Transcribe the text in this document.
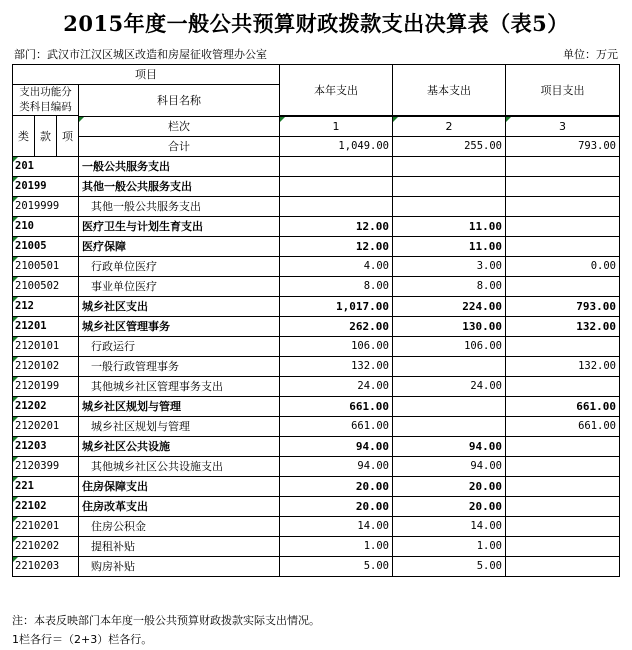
2015年度一般公共预算财政拨款支出决算表（表5）
部门：武汉市江汉区城区改造和房屋征收管理办公室	单位：万元
项目				本年支出	基本支出	项目支出
支出功能分类科目编码			科目名称			

类	款	项				
			栏次	1	2	3
			合计	1,049.00	255.00	793.00
201			一般公共服务支出			
20199			其他一般公共服务支出			
2019999			其他一般公共服务支出			
210			医疗卫生与计划生育支出	12.00	11.00	
21005			医疗保障	12.00	11.00	
2100501			行政单位医疗	4.00	3.00	0.00
2100502			事业单位医疗	8.00	8.00	
212			城乡社区支出	1,017.00	224.00	793.00
21201			城乡社区管理事务	262.00	130.00	132.00
2120101			行政运行	106.00	106.00	
2120102			一般行政管理事务	132.00		132.00
2120199			其他城乡社区管理事务支出	24.00	24.00	
21202			城乡社区规划与管理	661.00		661.00
2120201			城乡社区规划与管理	661.00		661.00
21203			城乡社区公共设施	94.00	94.00	
2120399			其他城乡社区公共设施支出	94.00	94.00	
221			住房保障支出	20.00	20.00	
22102			住房改革支出	20.00	20.00	
2210201			住房公积金	14.00	14.00	
2210202			提租补贴	1.00	1.00	
2210203			购房补贴	5.00	5.00	
注：本表反映部门本年度一般公共预算财政拨款实际支出情况。
1栏各行＝（2+3）栏各行。
